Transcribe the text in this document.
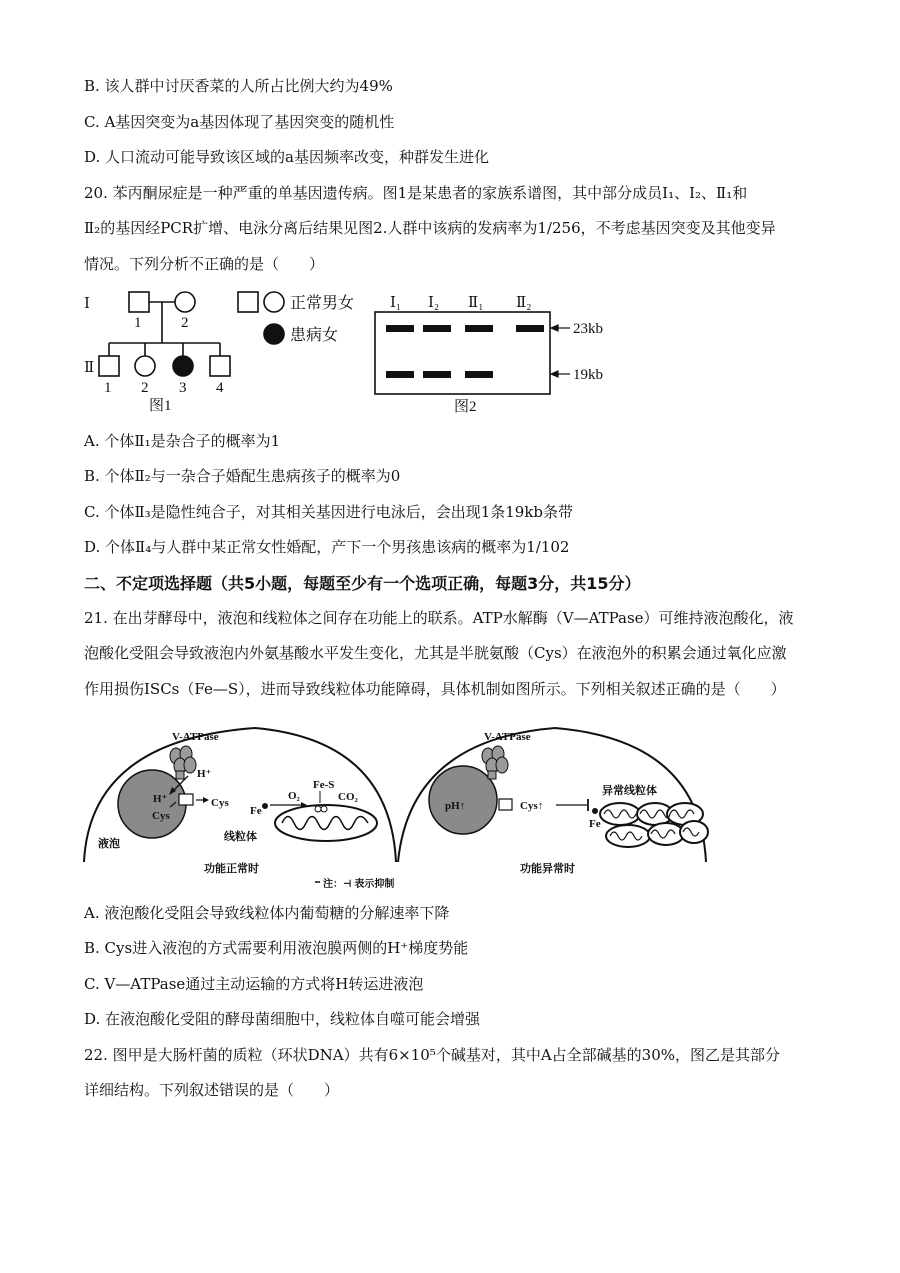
B. 该人群中讨厌香菜的人所占比例大约为49%
C. A基因突变为a基因体现了基因突变的随机性
D. 人口流动可能导致该区域的a基因频率改变，种群发生进化
20. 苯丙酮尿症是一种严重的单基因遗传病。图1是某患者的家族系谱图，其中部分成员Ⅰ₁、Ⅰ₂、Ⅱ₁和
Ⅱ₂的基因经PCR扩增、电泳分离后结果见图2.人群中该病的发病率为1/256，不考虑基因突变及其他变异
情况。下列分析不正确的是（　　）
Ⅰ
Ⅱ
1	2
1 2 3 4
图1
正常男女
患病女
Ⅰ₁ Ⅰ₂ Ⅱ₁ Ⅱ₂
23kb
19kb
图2
A. 个体Ⅱ₁是杂合子的概率为1
B. 个体Ⅱ₂与一杂合子婚配生患病孩子的概率为0
C. 个体Ⅱ₃是隐性纯合子，对其相关基因进行电泳后，会出现1条19kb条带
D. 个体Ⅱ₄与人群中某正常女性婚配，产下一个男孩患该病的概率为1/102
二、不定项选择题（共5小题，每题至少有一个选项正确，每题3分，共15分）
21. 在出芽酵母中，液泡和线粒体之间存在功能上的联系。ATP水解酶（V—ATPase）可维持液泡酸化，液
泡酸化受阻会导致液泡内外氨基酸水平发生变化，尤其是半胱氨酸（Cys）在液泡外的积累会通过氧化应激
作用损伤ISCs（Fe—S），进而导致线粒体功能障碍，具体机制如图所示。下列相关叙述正确的是（　　）
V-ATPase
H⁺
H⁺
Cys
Cys
Fe
O₂
Fe-S
CO₂
线粒体
液泡
功能正常时
注：⊣ 表示抑制
V-ATPase
pH↑	Cys↑
Fe
异常线粒体
功能异常时
A. 液泡酸化受阻会导致线粒体内葡萄糖的分解速率下降
B. Cys进入液泡的方式需要利用液泡膜两侧的H⁺梯度势能
C. V—ATPase通过主动运输的方式将H转运进液泡
D. 在液泡酸化受阻的酵母菌细胞中，线粒体自噬可能会增强
22. 图甲是大肠杆菌的质粒（环状DNA）共有6×10⁵个碱基对，其中A占全部碱基的30%，图乙是其部分
详细结构。下列叙述错误的是（　　）
